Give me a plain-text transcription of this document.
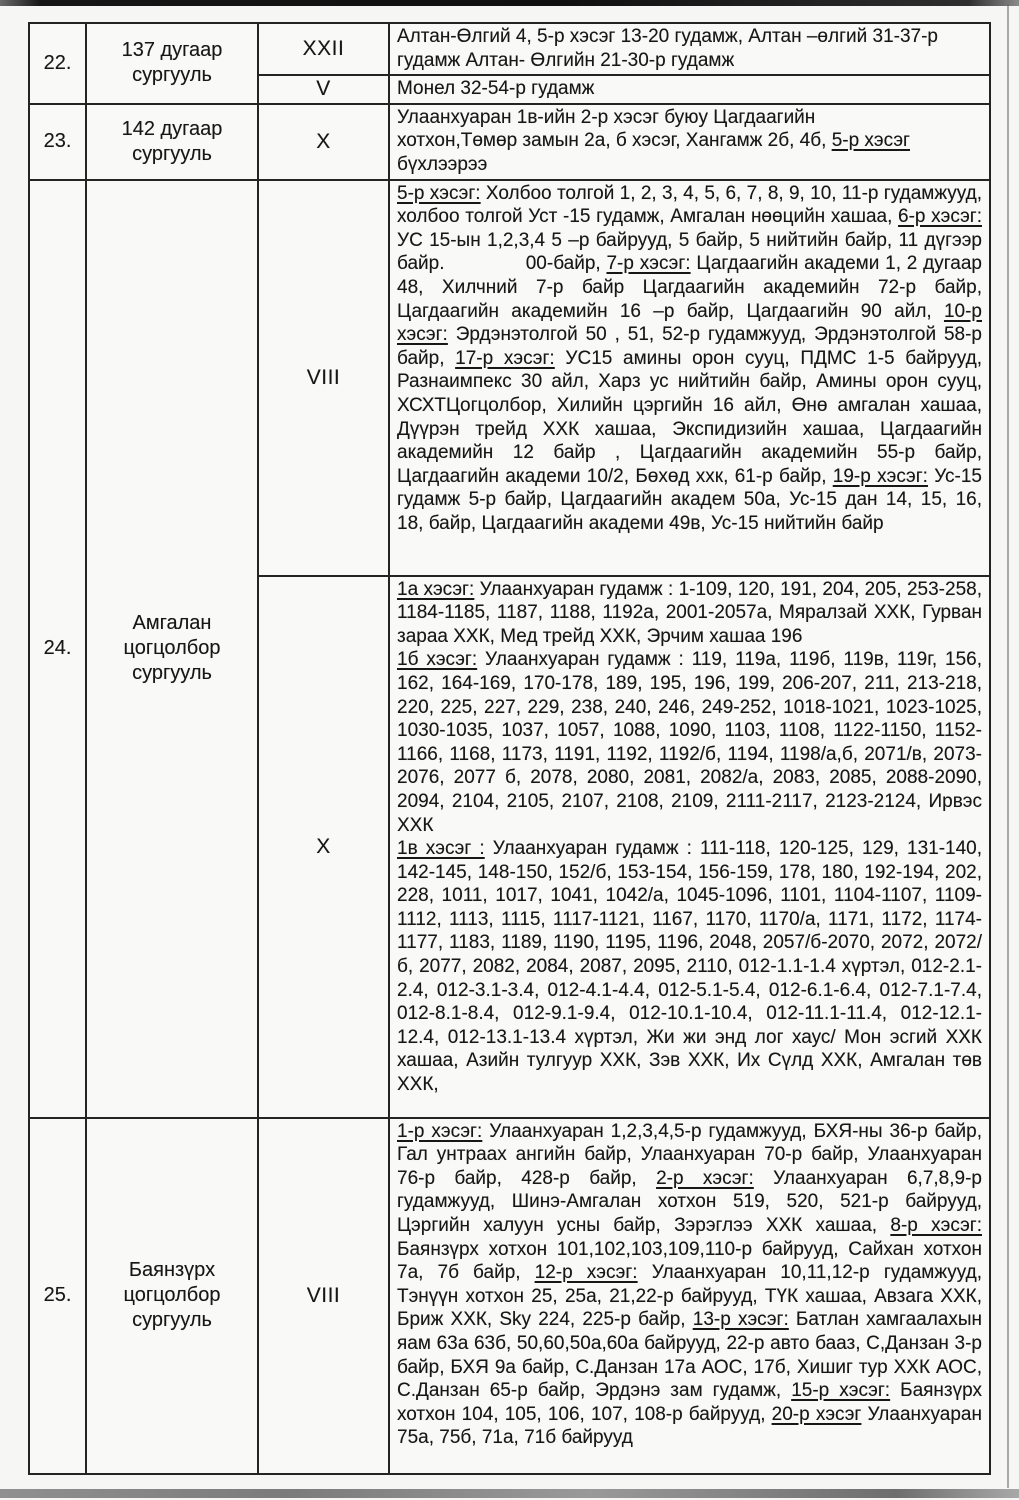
22.	137 дугаар сургууль	XXII	Алтан-Өлгий 4, 5-р хэсэг 13-20 гудамж, Алтан –өлгий 31-37-р гудамж Алтан- Өлгийн 21-30-р гудамж

		V	Монел 32-54-р гудамж

23.	142 дугаар сургууль	X	Улаанхуаран 1в-ийн 2-р хэсэг буюу Цагдаагийн
хотхон,Төмөр замын 2а, б хэсэг, Хангамж 2б, 4б, 5-р хэсэг
бүхлээрээ

24.	Амгалан цогцолбор сургууль	VIII	5-р хэсэг: Холбоо толгой 1, 2, 3, 4, 5, 6, 7, 8, 9, 10, 11-р гудамжууд, холбоо толгой Уст -15 гудамж, Амгалан нөөцийн хашаа, 6-р хэсэг: УС 15-ын 1,2,3,4 5 –р байрууд, 5 байр, 5 нийтийн байр, 11 дүгээр байр.              00-байр, 7-р хэсэг: Цагдаагийн академи 1, 2 дугаар 48, Хилчний 7-р байр Цагдаагийн академийн 72-р байр, Цагдаагийн академийн 16 –р байр, Цагдаагийн 90 айл, 10-р хэсэг: Эрдэнэтолгой 50 , 51, 52-р гудамжууд, Эрдэнэтолгой 58-р байр, 17-р хэсэг: УС15 амины орон сууц, ПДМС 1-5 байрууд, Разнаимпекс 30 айл, Харз ус нийтийн байр, Амины орон сууц, ХСХТЦогцолбор, Хилийн цэргийн 16 айл, Өнө амгалан хашаа, Дүүрэн трейд ХХК хашаа, Экспидизийн хашаа, Цагдаагийн академийн 12 байр , Цагдаагийн академийн 55-р байр, Цагдаагийн академи 10/2, Бөхөд ххк, 61-р байр, 19-р хэсэг: Ус-15 гудамж 5-р байр, Цагдаагийн академ 50а, Ус-15 дан 14, 15, 16, 18, байр, Цагдаагийн академи 49в, Ус-15 нийтийн байр

		X	1а хэсэг: Улаанхуаран гудамж : 1-109, 120, 191, 204, 205, 253-258, 1184-1185, 1187, 1188, 1192а, 2001-2057а, Мяралзай ХХК, Гурван зараа ХХК, Мед трейд ХХК, Эрчим хашаа 196
1б хэсэг: Улаанхуаран гудамж : 119, 119а, 119б, 119в, 119г, 156, 162, 164-169, 170-178, 189, 195, 196, 199, 206-207, 211, 213-218, 220, 225, 227, 229, 238, 240, 246, 249-252, 1018-1021, 1023-1025, 1030-1035, 1037, 1057, 1088, 1090, 1103, 1108, 1122-1150, 1152-1166, 1168, 1173, 1191, 1192, 1192/б, 1194, 1198/а,б, 2071/в, 2073-2076, 2077 б, 2078, 2080, 2081, 2082/а, 2083, 2085, 2088-2090, 2094, 2104, 2105, 2107, 2108, 2109, 2111-2117, 2123-2124, Ирвэс ХХК
1в хэсэг : Улаанхуаран гудамж : 111-118, 120-125, 129, 131-140, 142-145, 148-150, 152/б, 153-154, 156-159, 178, 180, 192-194, 202, 228, 1011, 1017, 1041, 1042/а, 1045-1096, 1101, 1104-1107, 1109-1112, 1113, 1115, 1117-1121, 1167, 1170, 1170/а, 1171, 1172, 1174-1177, 1183, 1189, 1190, 1195, 1196, 2048, 2057/б-2070, 2072, 2072/б, 2077, 2082, 2084, 2087, 2095, 2110, 012-1.1-1.4 хүртэл, 012-2.1-2.4, 012-3.1-3.4, 012-4.1-4.4, 012-5.1-5.4, 012-6.1-6.4, 012-7.1-7.4, 012-8.1-8.4, 012-9.1-9.4, 012-10.1-10.4, 012-11.1-11.4, 012-12.1-12.4, 012-13.1-13.4 хүртэл, Жи жи энд лог хаус/ Мон эсгий ХХК хашаа, Азийн тулгуур ХХК, Зэв ХХК, Их Сүлд ХХК, Амгалан төв ХХК,

25.	Баянзүрх цогцолбор сургууль	VIII	1-р хэсэг: Улаанхуаран 1,2,3,4,5-р гудамжууд, БХЯ-ны 36-р байр, Гал унтраах ангийн байр, Улаанхуаран 70-р байр, Улаанхуаран 76-р байр, 428-р байр, 2-р хэсэг: Улаанхуаран 6,7,8,9-р гудамжууд, Шинэ-Амгалан хотхон 519, 520, 521-р байрууд, Цэргийн халуун усны байр, Зэрэглээ ХХК хашаа, 8-р хэсэг: Баянзүрх хотхон 101,102,103,109,110-р байрууд, Сайхан хотхон 7а, 7б байр, 12-р хэсэг: Улаанхуаран 10,11,12-р гудамжууд, Тэнүүн хотхон 25, 25а, 21,22-р байрууд, ТҮК хашаа, Авзага ХХК, Бриж ХХК, Sky 224, 225-р байр, 13-р хэсэг: Батлан хамгаалахын яам 63а 63б, 50,60,50а,60а байрууд, 22-р авто бааз, С,Данзан 3-р байр, БХЯ 9а байр, С.Данзан 17а АОС, 17б, Хишиг тур ХХК АОС, С.Данзан 65-р байр, Эрдэнэ зам гудамж, 15-р хэсэг: Баянзүрх хотхон 104, 105, 106, 107, 108-р байрууд, 20-р хэсэг Улаанхуаран 75а, 75б, 71а, 71б байрууд
